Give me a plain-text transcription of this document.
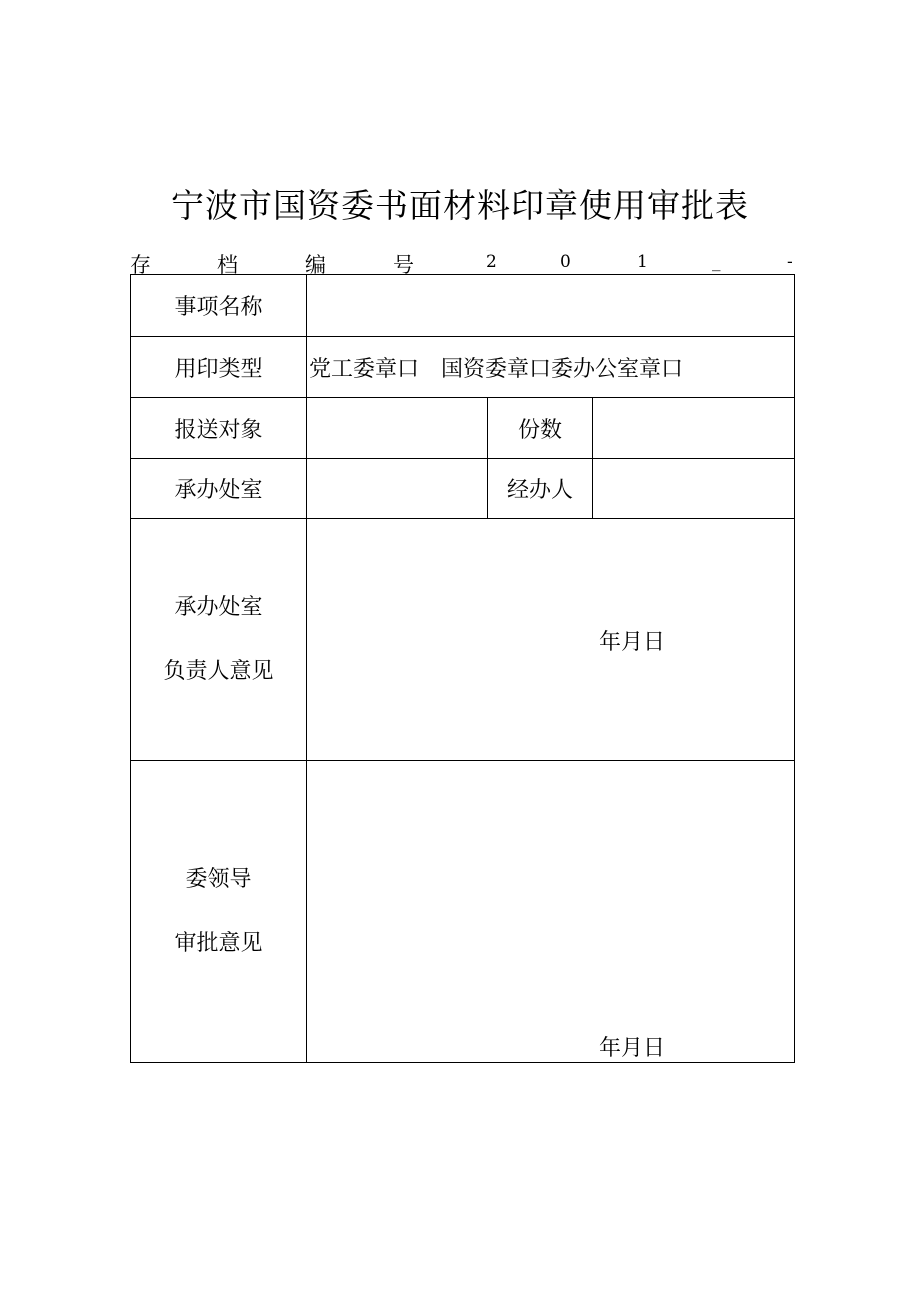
宁波市国资委书面材料印章使用审批表
存	档	编	号	2	0	1	_	-
事项名称			
用印类型	党工委章口　国资委章口委办公室章口		
报送对象		份数	
承办处室		经办人	

承办处室
负责人意见	年月日		

委领导
审批意见	年月日		
